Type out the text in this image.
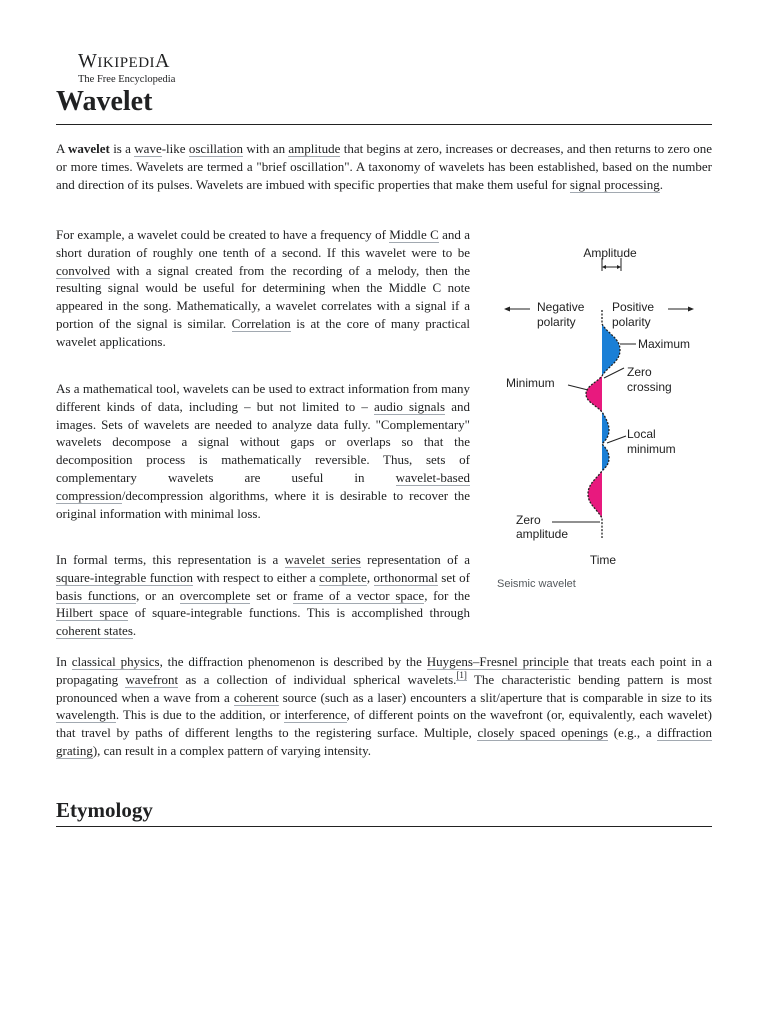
WIKIPEDIA
The Free Encyclopedia
Wavelet

A wavelet is a wave-like oscillation with an amplitude that begins at zero, increases or decreases, and then returns to zero one or more times. Wavelets are termed a "brief oscillation". A taxonomy of wavelets has been established, based on the number and direction of its pulses. Wavelets are imbued with specific properties that make them useful for signal processing.

For example, a wavelet could be created to have a frequency of Middle C and a short duration of roughly one tenth of a second. If this wavelet were to be convolved with a signal created from the recording of a melody, then the resulting signal would be useful for determining when the Middle C note appeared in the song. Mathematically, a wavelet correlates with a signal if a portion of the signal is similar. Correlation is at the core of many practical wavelet applications.

As a mathematical tool, wavelets can be used to extract information from many different kinds of data, including – but not limited to – audio signals and images. Sets of wavelets are needed to analyze data fully. "Complementary" wavelets decompose a signal without gaps or overlaps so that the decomposition process is mathematically reversible. Thus, sets of complementary wavelets are useful in wavelet-based compression/decompression algorithms, where it is desirable to recover the original information with minimal loss.

In formal terms, this representation is a wavelet series representation of a square-integrable function with respect to either a complete, orthonormal set of basis functions, or an overcomplete set or frame of a vector space, for the Hilbert space of square-integrable functions. This is accomplished through coherent states.

Amplitude
Negative
polarity
Positive
polarity
Maximum
Zero
crossing
Minimum
Local
minimum
Zero
amplitude
Time
Seismic wavelet

In classical physics, the diffraction phenomenon is described by the Huygens–Fresnel principle that treats each point in a propagating wavefront as a collection of individual spherical wavelets.[1] The characteristic bending pattern is most pronounced when a wave from a coherent source (such as a laser) encounters a slit/aperture that is comparable in size to its wavelength. This is due to the addition, or interference, of different points on the wavefront (or, equivalently, each wavelet) that travel by paths of different lengths to the registering surface. Multiple, closely spaced openings (e.g., a diffraction grating), can result in a complex pattern of varying intensity.

Etymology
